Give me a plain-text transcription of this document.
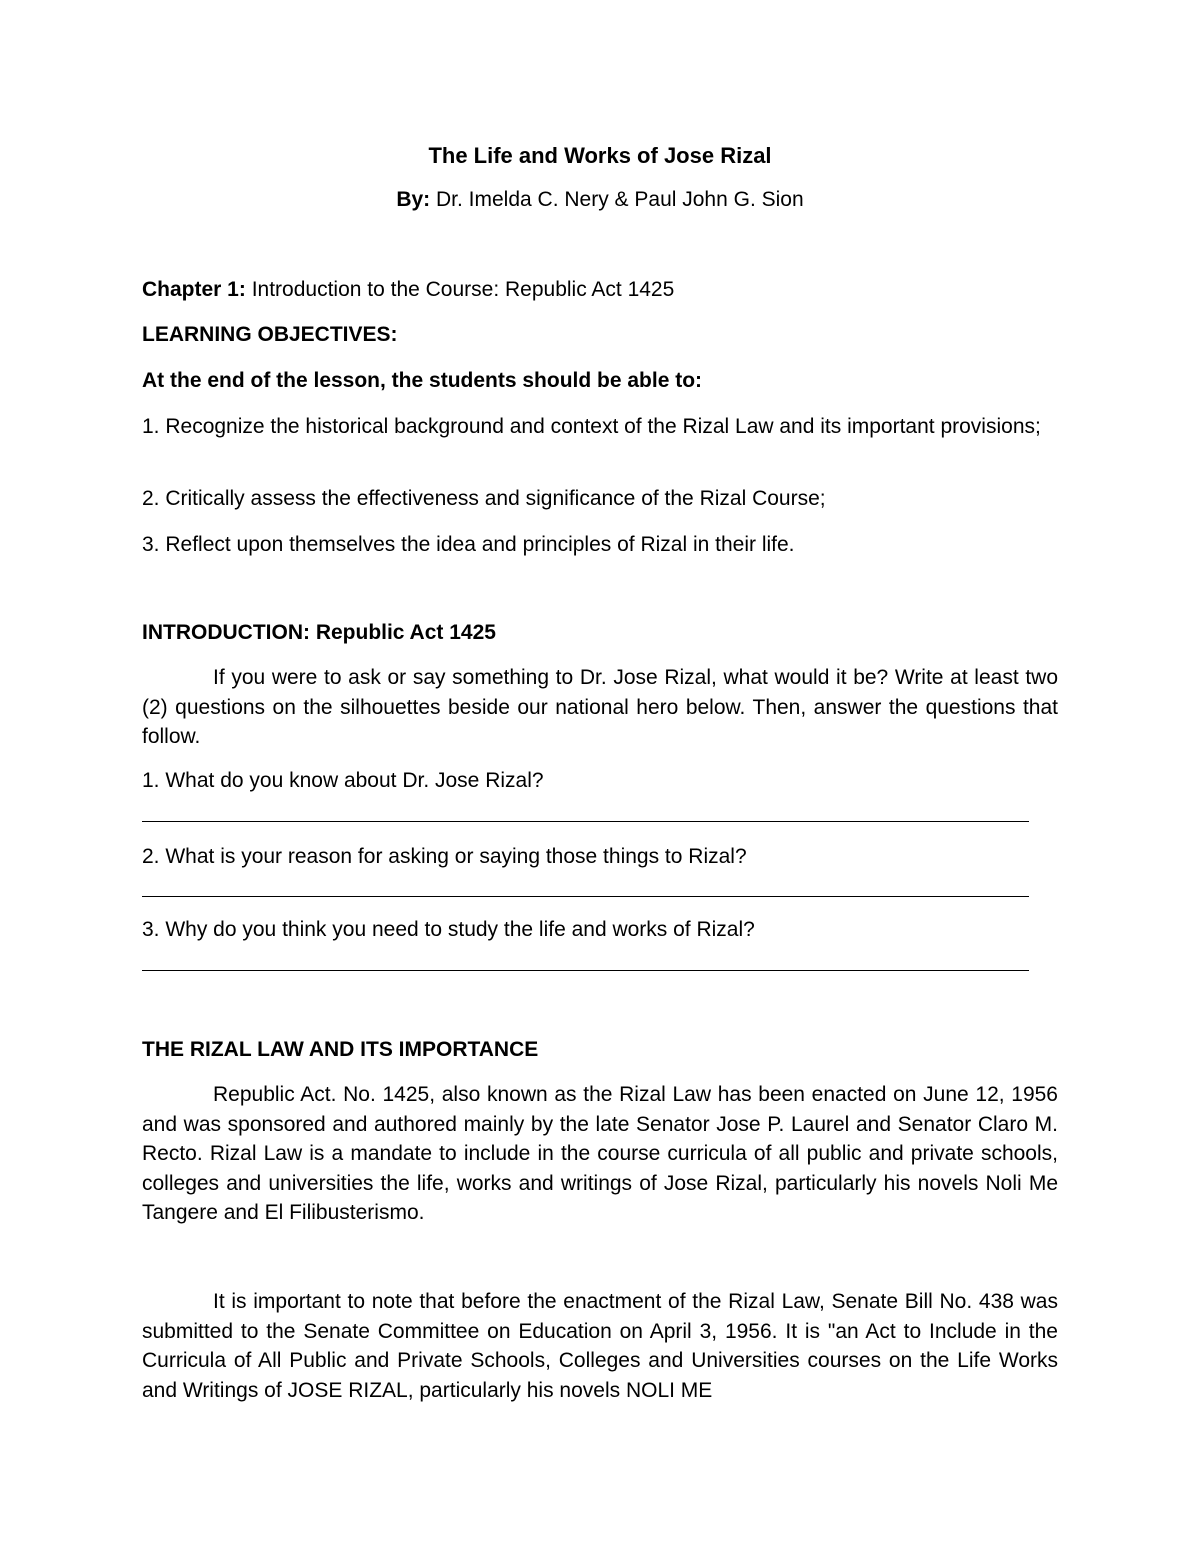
The Life and Works of Jose Rizal

By: Dr. Imelda C. Nery & Paul John G. Sion

Chapter 1: Introduction to the Course: Republic Act 1425

LEARNING OBJECTIVES:

At the end of the lesson, the students should be able to:

1. Recognize the historical background and context of the Rizal Law and its important provisions;

2. Critically assess the effectiveness and significance of the Rizal Course;

3. Reflect upon themselves the idea and principles of Rizal in their life.

INTRODUCTION: Republic Act 1425

If you were to ask or say something to Dr. Jose Rizal, what would it be? Write at least two (2) questions on the silhouettes beside our national hero below. Then, answer the questions that follow.

1. What do you know about Dr. Jose Rizal?

2. What is your reason for asking or saying those things to Rizal?

3. Why do you think you need to study the life and works of Rizal?

THE RIZAL LAW AND ITS IMPORTANCE

Republic Act. No. 1425, also known as the Rizal Law has been enacted on June 12, 1956 and was sponsored and authored mainly by the late Senator Jose P. Laurel and Senator Claro M. Recto. Rizal Law is a mandate to include in the course curricula of all public and private schools, colleges and universities the life, works and writings of Jose Rizal, particularly his novels Noli Me Tangere and El Filibusterismo.

It is important to note that before the enactment of the Rizal Law, Senate Bill No. 438 was submitted to the Senate Committee on Education on April 3, 1956. It is "an Act to Include in the Curricula of All Public and Private Schools, Colleges and Universities courses on the Life Works and Writings of JOSE RIZAL, particularly his novels NOLI ME
